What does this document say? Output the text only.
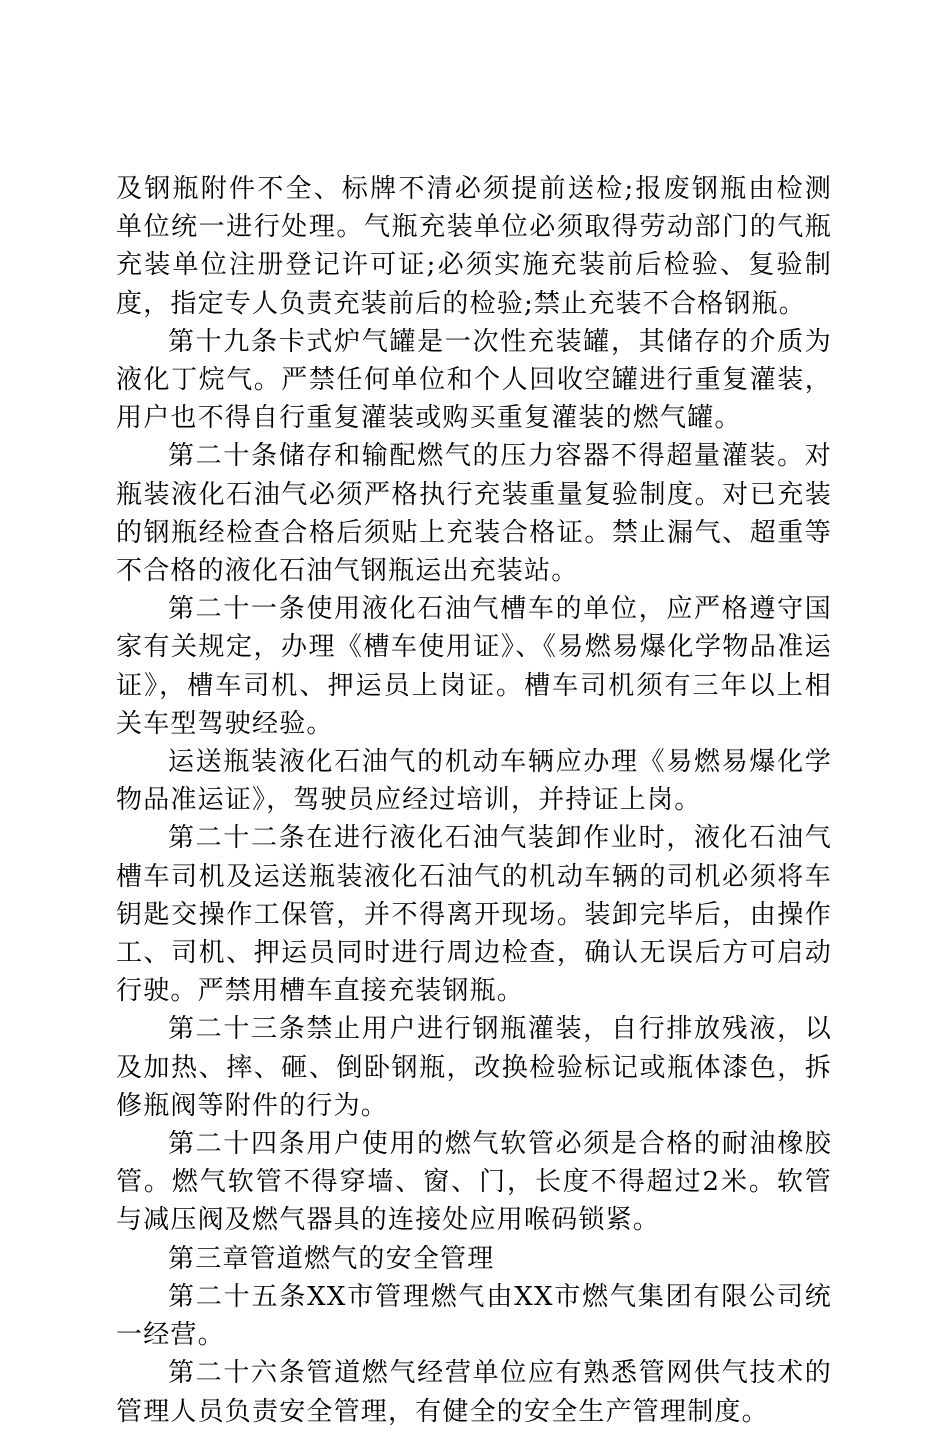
及钢瓶附件不全、标牌不清必须提前送检;报废钢瓶由检测单位统一进行处理。气瓶充装单位必须取得劳动部门的气瓶充装单位注册登记许可证;必须实施充装前后检验、复验制度，指定专人负责充装前后的检验;禁止充装不合格钢瓶。

第十九条卡式炉气罐是一次性充装罐，其储存的介质为液化丁烷气。严禁任何单位和个人回收空罐进行重复灌装，用户也不得自行重复灌装或购买重复灌装的燃气罐。

第二十条储存和输配燃气的压力容器不得超量灌装。对瓶装液化石油气必须严格执行充装重量复验制度。对已充装的钢瓶经检查合格后须贴上充装合格证。禁止漏气、超重等不合格的液化石油气钢瓶运出充装站。

第二十一条使用液化石油气槽车的单位，应严格遵守国家有关规定，办理《槽车使用证》、《易燃易爆化学物品准运证》，槽车司机、押运员上岗证。槽车司机须有三年以上相关车型驾驶经验。

运送瓶装液化石油气的机动车辆应办理《易燃易爆化学物品准运证》，驾驶员应经过培训，并持证上岗。

第二十二条在进行液化石油气装卸作业时，液化石油气槽车司机及运送瓶装液化石油气的机动车辆的司机必须将车钥匙交操作工保管，并不得离开现场。装卸完毕后，由操作工、司机、押运员同时进行周边检查，确认无误后方可启动行驶。严禁用槽车直接充装钢瓶。

第二十三条禁止用户进行钢瓶灌装，自行排放残液，以及加热、摔、砸、倒卧钢瓶，改换检验标记或瓶体漆色，拆修瓶阀等附件的行为。

第二十四条用户使用的燃气软管必须是合格的耐油橡胶管。燃气软管不得穿墙、窗、门，长度不得超过2米。软管与减压阀及燃气器具的连接处应用喉码锁紧。

第三章管道燃气的安全管理

第二十五条XX市管理燃气由XX市燃气集团有限公司统一经营。

第二十六条管道燃气经营单位应有熟悉管网供气技术的管理人员负责安全管理，有健全的安全生产管理制度。
